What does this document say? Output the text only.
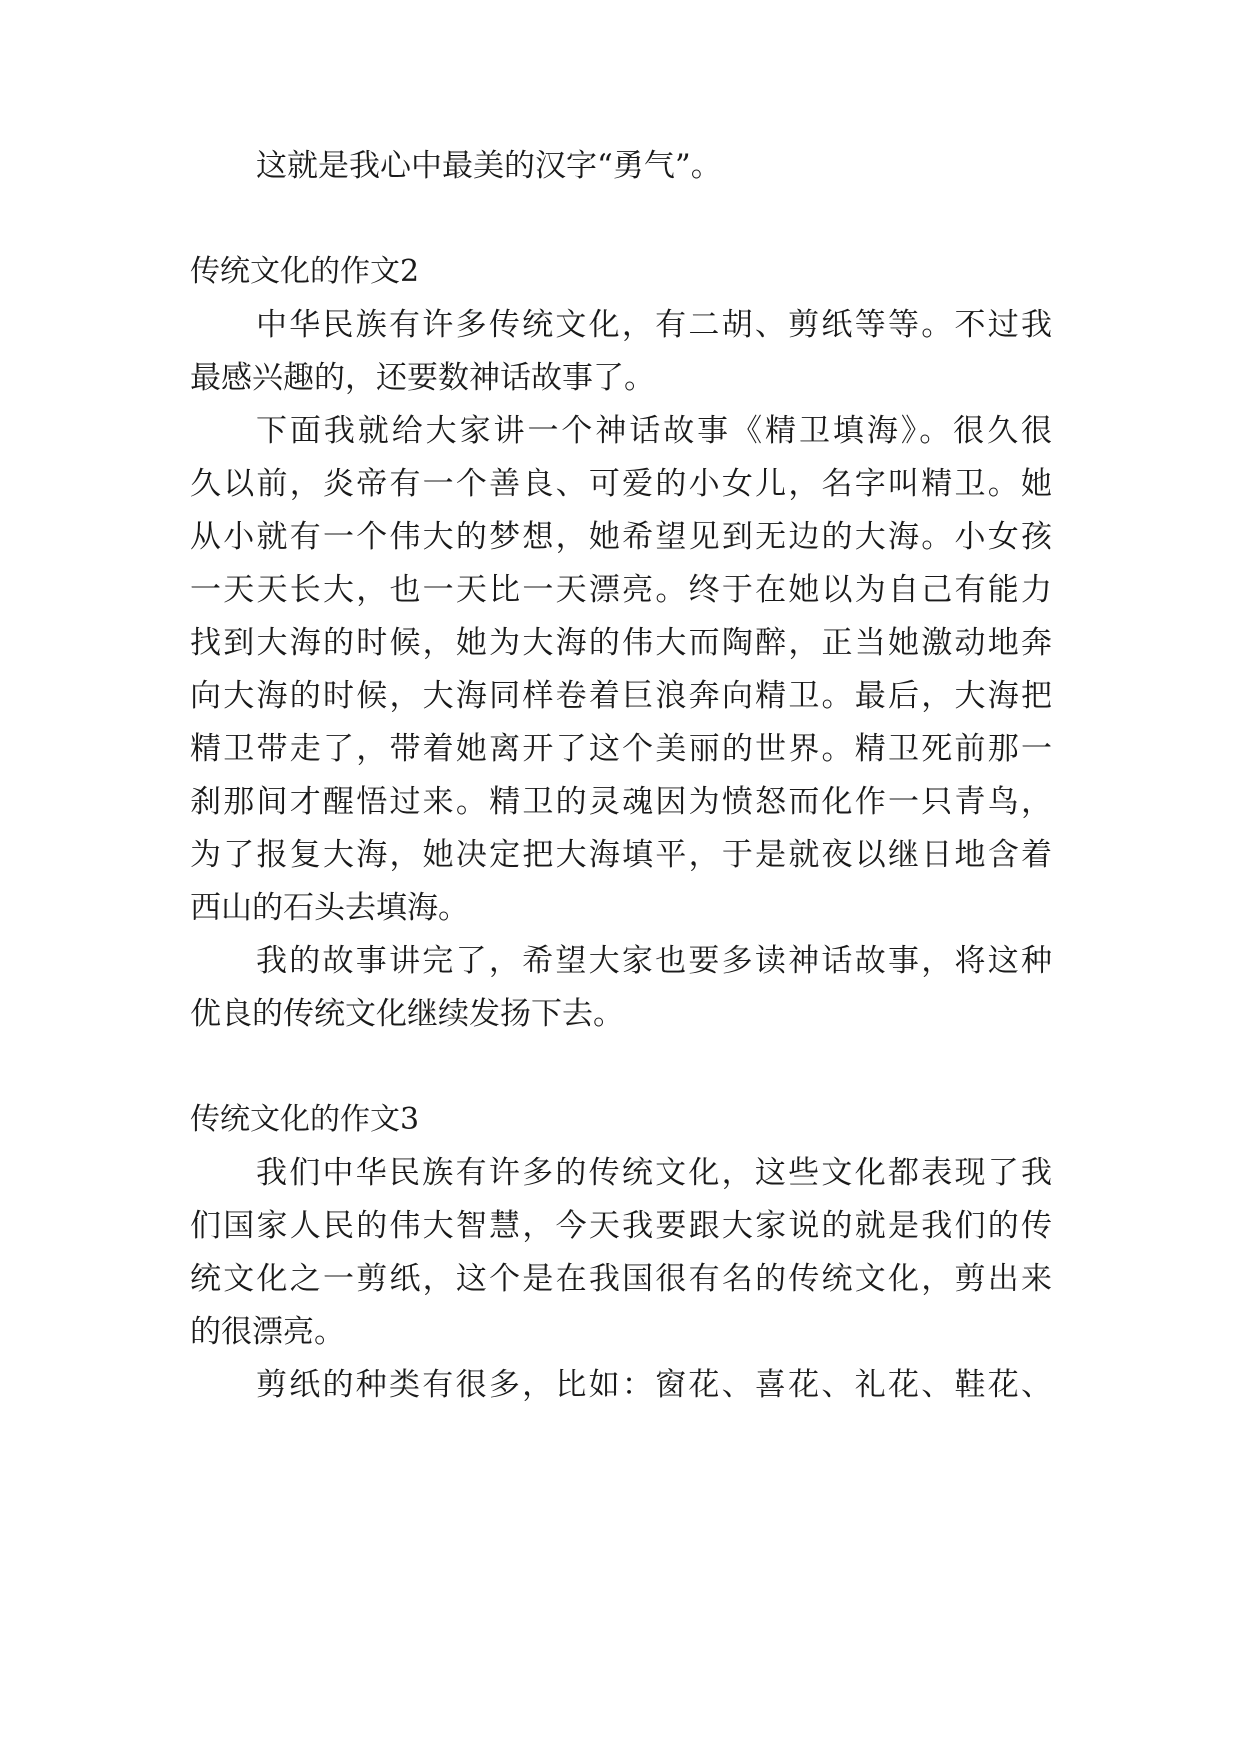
这就是我心中最美的汉字“勇气”。
传统文化的作文2
中华民族有许多传统文化，有二胡、剪纸等等。不过我
最感兴趣的，还要数神话故事了。
下面我就给大家讲一个神话故事《精卫填海》。很久很
久以前，炎帝有一个善良、可爱的小女儿，名字叫精卫。她
从小就有一个伟大的梦想，她希望见到无边的大海。小女孩
一天天长大，也一天比一天漂亮。终于在她以为自己有能力
找到大海的时候，她为大海的伟大而陶醉，正当她激动地奔
向大海的时候，大海同样卷着巨浪奔向精卫。最后，大海把
精卫带走了，带着她离开了这个美丽的世界。精卫死前那一
刹那间才醒悟过来。精卫的灵魂因为愤怒而化作一只青鸟，
为了报复大海，她决定把大海填平，于是就夜以继日地含着
西山的石头去填海。
我的故事讲完了，希望大家也要多读神话故事，将这种
优良的传统文化继续发扬下去。
传统文化的作文3
我们中华民族有许多的传统文化，这些文化都表现了我
们国家人民的伟大智慧，今天我要跟大家说的就是我们的传
统文化之一剪纸，这个是在我国很有名的传统文化，剪出来
的很漂亮。
剪纸的种类有很多，比如：窗花、喜花、礼花、鞋花、
